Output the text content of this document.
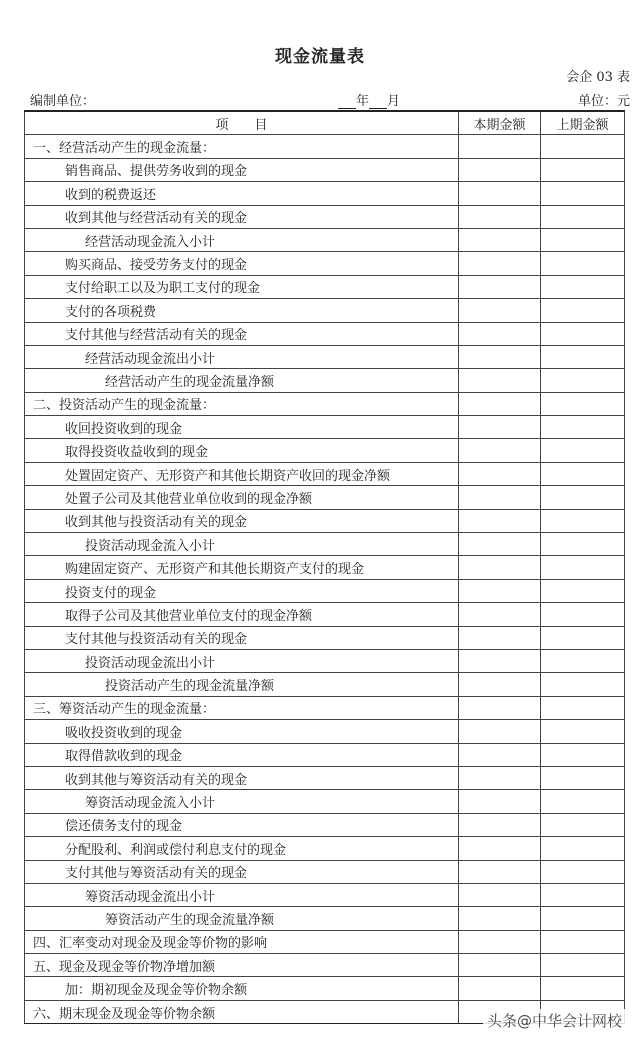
现金流量表
会企 03 表
编制单位：	年 月	单位：元
项　　目	本期金额	上期金额
一、经营活动产生的现金流量：		
销售商品、提供劳务收到的现金		
收到的税费返还		
收到其他与经营活动有关的现金		
经营活动现金流入小计		
购买商品、接受劳务支付的现金		
支付给职工以及为职工支付的现金		
支付的各项税费		
支付其他与经营活动有关的现金		
经营活动现金流出小计		
经营活动产生的现金流量净额		
二、投资活动产生的现金流量：		
收回投资收到的现金		
取得投资收益收到的现金		
处置固定资产、无形资产和其他长期资产收回的现金净额		
处置子公司及其他营业单位收到的现金净额		
收到其他与投资活动有关的现金		
投资活动现金流入小计		
购建固定资产、无形资产和其他长期资产支付的现金		
投资支付的现金		
取得子公司及其他营业单位支付的现金净额		
支付其他与投资活动有关的现金		
投资活动现金流出小计		
投资活动产生的现金流量净额		
三、筹资活动产生的现金流量：		
吸收投资收到的现金		
取得借款收到的现金		
收到其他与筹资活动有关的现金		
筹资活动现金流入小计		
偿还债务支付的现金		
分配股利、利润或偿付利息支付的现金		
支付其他与筹资活动有关的现金		
筹资活动现金流出小计		
筹资活动产生的现金流量净额		
四、汇率变动对现金及现金等价物的影响		
五、现金及现金等价物净增加额		
加：期初现金及现金等价物余额		
六、期末现金及现金等价物余额			头条@中华会计网校
